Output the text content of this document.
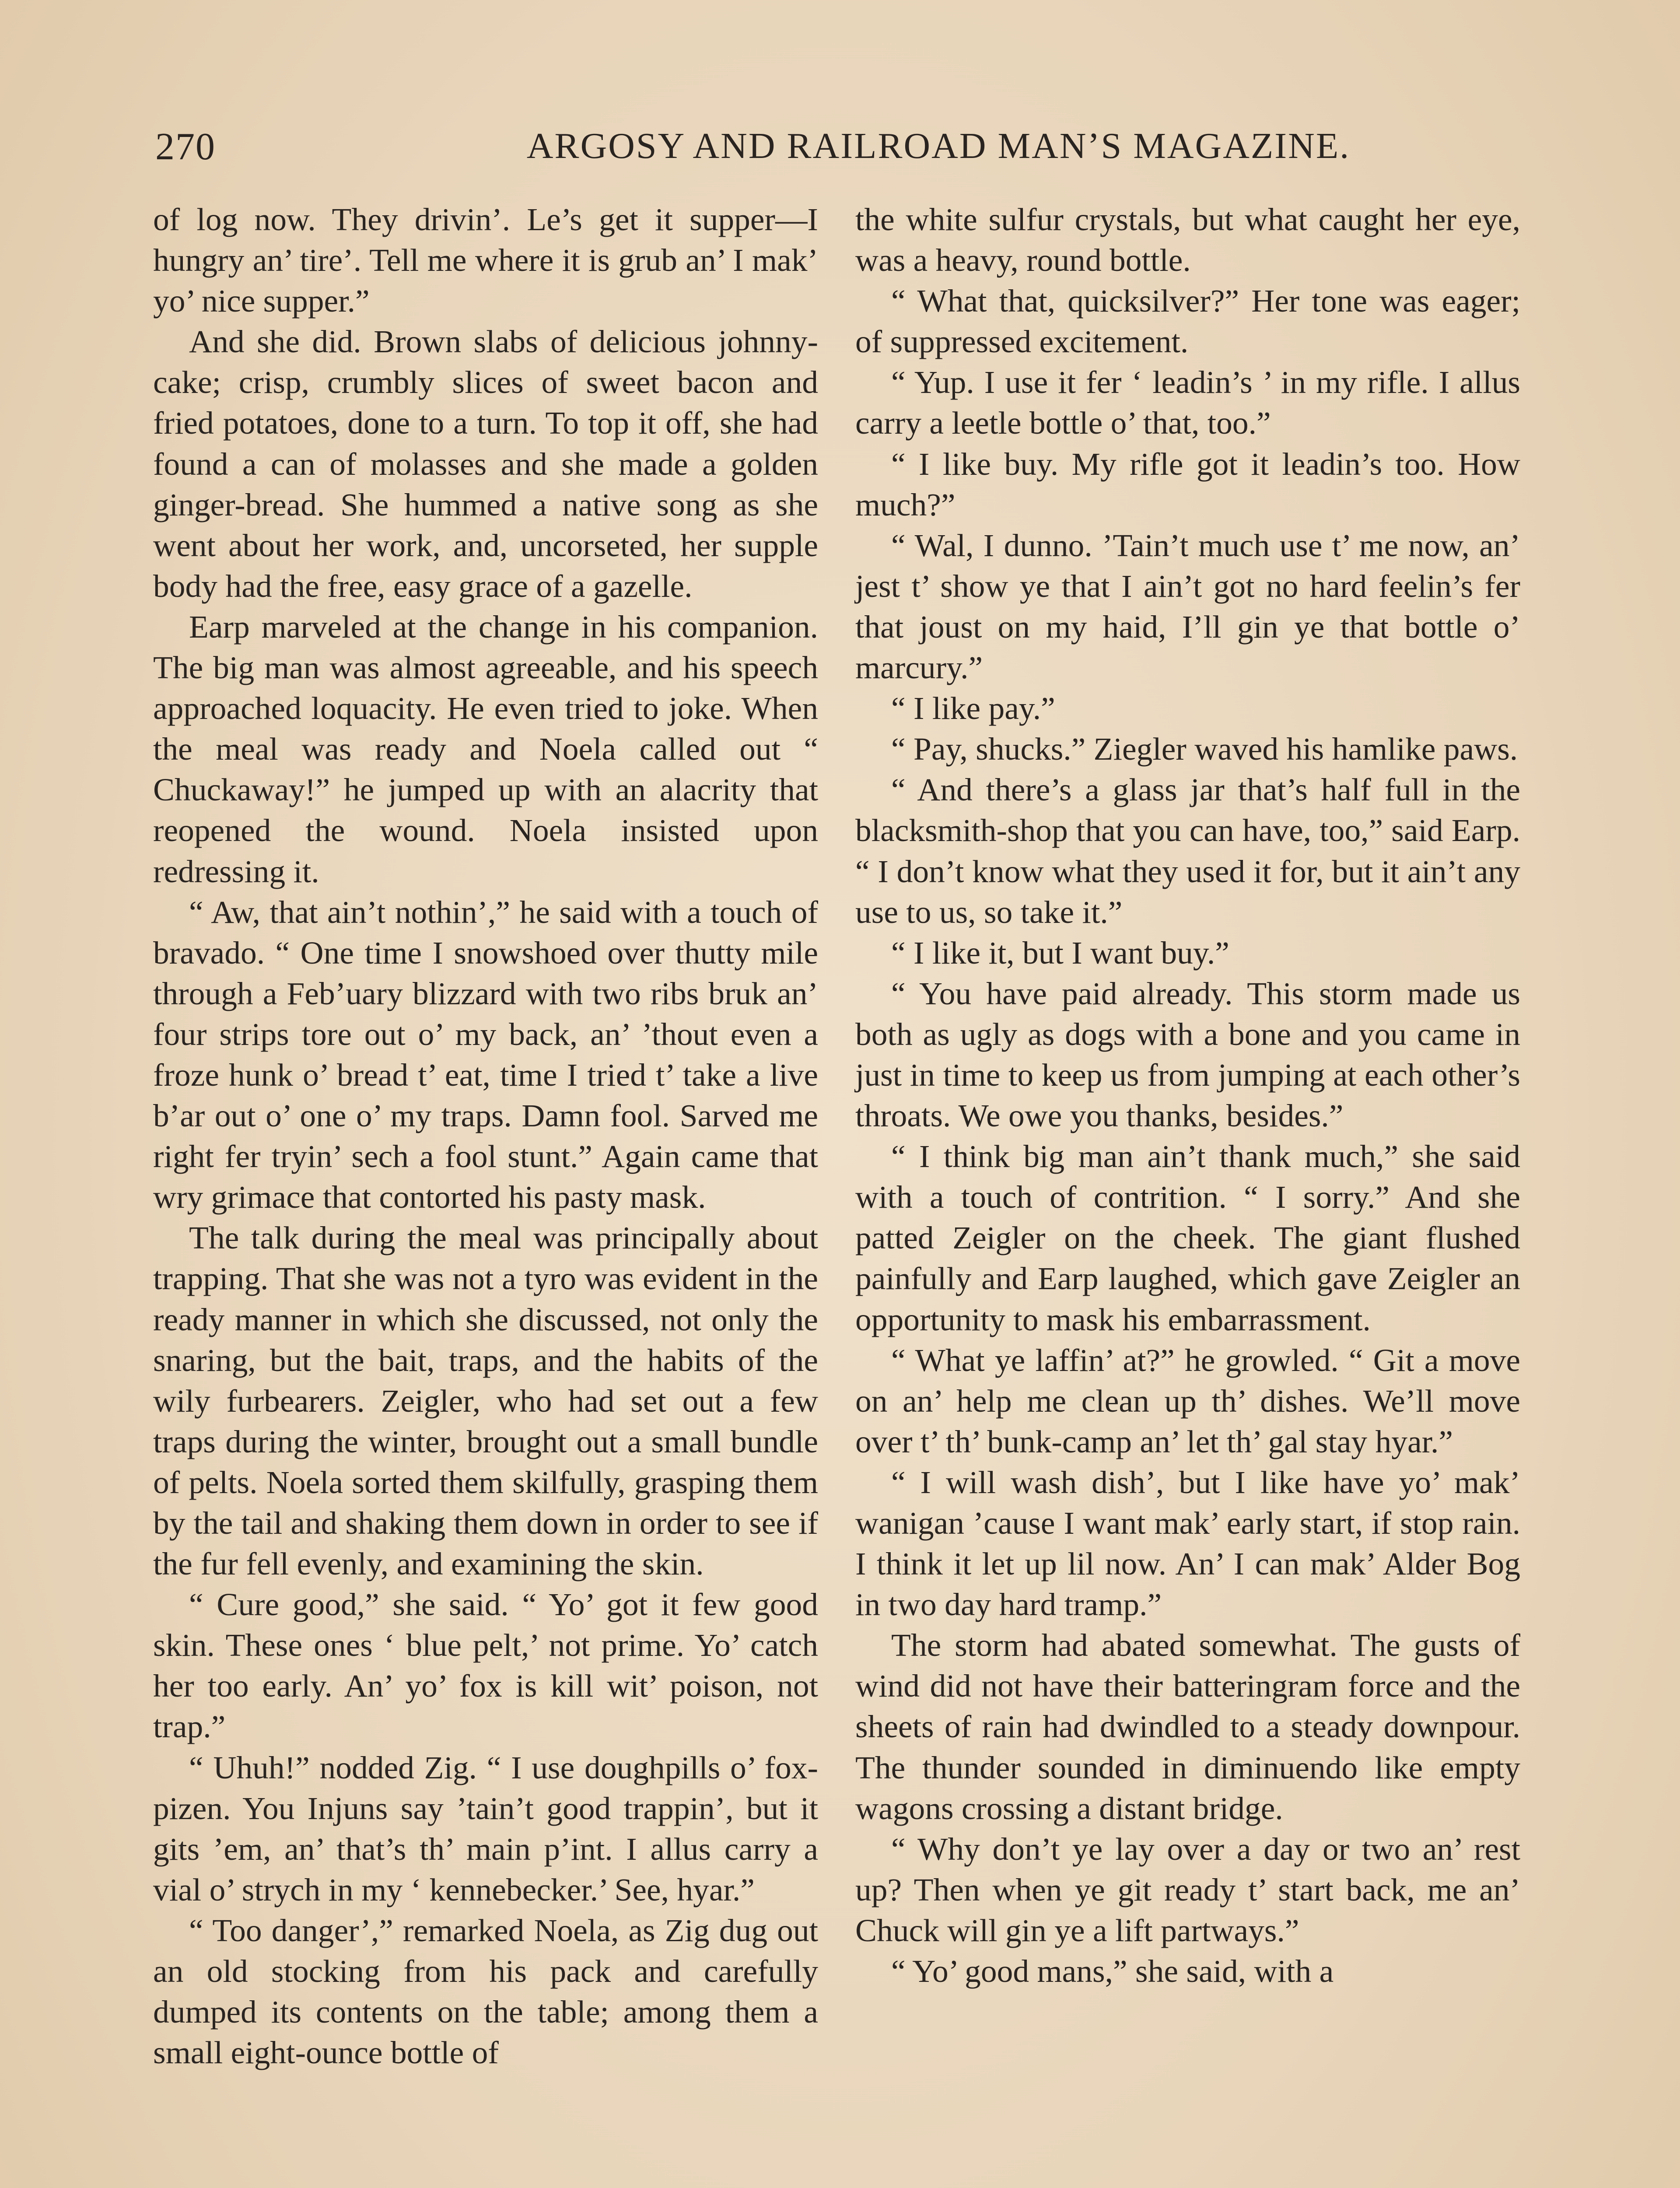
270	ARGOSY AND RAILROAD MAN’S MAGAZINE.

of log now. They drivin’. Le’s get it supper—I hungry an’ tire’. Tell me where it is grub an’ I mak’ yo’ nice supper.”

And she did. Brown slabs of delicious johnny-cake; crisp, crumbly slices of sweet bacon and fried potatoes, done to a turn. To top it off, she had found a can of molasses and she made a golden ginger-bread. She hummed a native song as she went about her work, and, uncorseted, her supple body had the free, easy grace of a gazelle.

Earp marveled at the change in his companion. The big man was almost agreeable, and his speech approached loquacity. He even tried to joke. When the meal was ready and Noela called out “ Chuckaway!” he jumped up with an alacrity that reopened the wound. Noela insisted upon redressing it.

“ Aw, that ain’t nothin’,” he said with a touch of bravado. “ One time I snowshoed over thutty mile through a Feb’uary blizzard with two ribs bruk an’ four strips tore out o’ my back, an’ ’thout even a froze hunk o’ bread t’ eat, time I tried t’ take a live b’ar out o’ one o’ my traps. Damn fool. Sarved me right fer tryin’ sech a fool stunt.” Again came that wry grimace that contorted his pasty mask.

The talk during the meal was principally about trapping. That she was not a tyro was evident in the ready manner in which she discussed, not only the snaring, but the bait, traps, and the habits of the wily furbearers. Zeigler, who had set out a few traps during the winter, brought out a small bundle of pelts. Noela sorted them skilfully, grasping them by the tail and shaking them down in order to see if the fur fell evenly, and examining the skin.

“ Cure good,” she said. “ Yo’ got it few good skin. These ones ‘ blue pelt,’ not prime. Yo’ catch her too early. An’ yo’ fox is kill wit’ poison, not trap.”

“ Uhuh!” nodded Zig. “ I use doughpills o’ fox-pizen. You Injuns say ’tain’t good trappin’, but it gits ’em, an’ that’s th’ main p’int. I allus carry a vial o’ strych in my ‘ kennebecker.’ See, hyar.”

“ Too danger’,” remarked Noela, as Zig dug out an old stocking from his pack and carefully dumped its contents on the table; among them a small eight-ounce bottle of

the white sulfur crystals, but what caught her eye, was a heavy, round bottle.

“ What that, quicksilver?” Her tone was eager; of suppressed excitement.

“ Yup. I use it fer ‘ leadin’s ’ in my rifle. I allus carry a leetle bottle o’ that, too.”

“ I like buy. My rifle got it leadin’s too. How much?”

“ Wal, I dunno. ’Tain’t much use t’ me now, an’ jest t’ show ye that I ain’t got no hard feelin’s fer that joust on my haid, I’ll gin ye that bottle o’ marcury.”

“ I like pay.”

“ Pay, shucks.” Ziegler waved his hamlike paws.

“ And there’s a glass jar that’s half full in the blacksmith-shop that you can have, too,” said Earp. “ I don’t know what they used it for, but it ain’t any use to us, so take it.”

“ I like it, but I want buy.”

“ You have paid already. This storm made us both as ugly as dogs with a bone and you came in just in time to keep us from jumping at each other’s throats. We owe you thanks, besides.”

“ I think big man ain’t thank much,” she said with a touch of contrition. “ I sorry.” And she patted Zeigler on the cheek. The giant flushed painfully and Earp laughed, which gave Zeigler an opportunity to mask his embarrassment.

“ What ye laffin’ at?” he growled. “ Git a move on an’ help me clean up th’ dishes. We’ll move over t’ th’ bunk-camp an’ let th’ gal stay hyar.”

“ I will wash dish’, but I like have yo’ mak’ wanigan ’cause I want mak’ early start, if stop rain. I think it let up lil now. An’ I can mak’ Alder Bog in two day hard tramp.”

The storm had abated somewhat. The gusts of wind did not have their batteringram force and the sheets of rain had dwindled to a steady downpour. The thunder sounded in diminuendo like empty wagons crossing a distant bridge.

“ Why don’t ye lay over a day or two an’ rest up? Then when ye git ready t’ start back, me an’ Chuck will gin ye a lift partways.”

“ Yo’ good mans,” she said, with a
